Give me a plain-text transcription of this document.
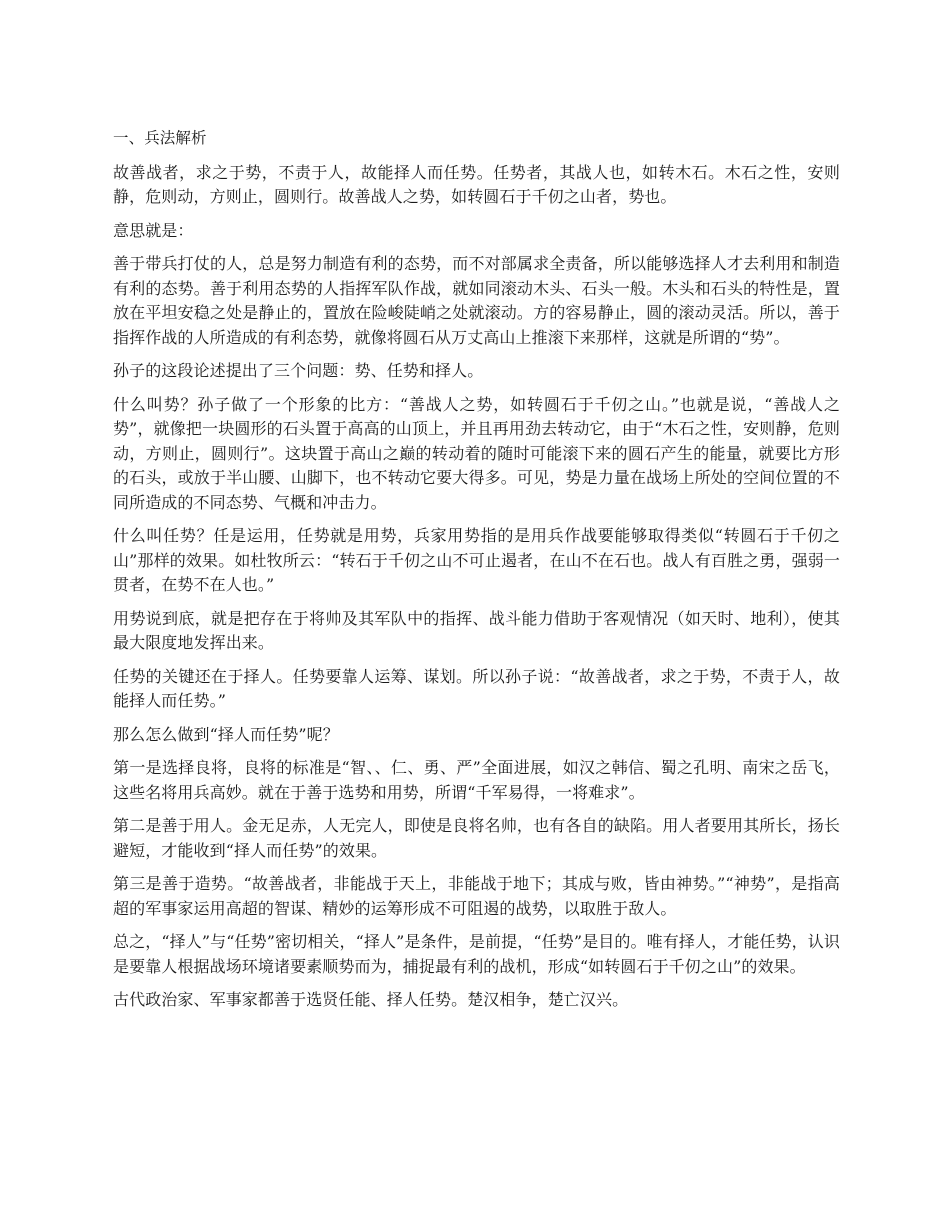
一、兵法解析

故善战者，求之于势，不责于人，故能择人而任势。任势者，其战人也，如转木石。木石之性，安则静，危则动，方则止，圆则行。故善战人之势，如转圆石于千仞之山者，势也。

意思就是：

善于带兵打仗的人，总是努力制造有利的态势，而不对部属求全责备，所以能够选择人才去利用和制造有利的态势。善于利用态势的人指挥军队作战，就如同滚动木头、石头一般。木头和石头的特性是，置放在平坦安稳之处是静止的，置放在险峻陡峭之处就滚动。方的容易静止，圆的滚动灵活。所以，善于指挥作战的人所造成的有利态势，就像将圆石从万丈高山上推滚下来那样，这就是所谓的“势”。

孙子的这段论述提出了三个问题：势、任势和择人。

什么叫势？孙子做了一个形象的比方：“善战人之势，如转圆石于千仞之山。”也就是说，“善战人之势”，就像把一块圆形的石头置于高高的山顶上，并且再用劲去转动它，由于“木石之性，安则静，危则动，方则止，圆则行”。这块置于高山之巅的转动着的随时可能滚下来的圆石产生的能量，就要比方形的石头，或放于半山腰、山脚下，也不转动它要大得多。可见，势是力量在战场上所处的空间位置的不同所造成的不同态势、气概和冲击力。

什么叫任势？任是运用，任势就是用势，兵家用势指的是用兵作战要能够取得类似“转圆石于千仞之山”那样的效果。如杜牧所云：“转石于千仞之山不可止遏者，在山不在石也。战人有百胜之勇，强弱一贯者，在势不在人也。”

用势说到底，就是把存在于将帅及其军队中的指挥、战斗能力借助于客观情况（如天时、地利），使其最大限度地发挥出来。

任势的关键还在于择人。任势要靠人运筹、谋划。所以孙子说：“故善战者，求之于势，不责于人，故能择人而任势。”

那么怎么做到“择人而任势”呢？

第一是选择良将，良将的标准是“智、、仁、勇、严”全面进展，如汉之韩信、蜀之孔明、南宋之岳飞，这些名将用兵高妙。就在于善于选势和用势，所谓“千军易得，一将难求”。

第二是善于用人。金无足赤，人无完人，即使是良将名帅，也有各自的缺陷。用人者要用其所长，扬长避短，才能收到“择人而任势”的效果。

第三是善于造势。“故善战者，非能战于天上，非能战于地下；其成与败，皆由神势。”“神势”，是指高超的军事家运用高超的智谋、精妙的运筹形成不可阻遏的战势，以取胜于敌人。

总之，“择人”与“任势”密切相关，“择人”是条件，是前提，“任势”是目的。唯有择人，才能任势，认识是要靠人根据战场环境诸要素顺势而为，捕捉最有利的战机，形成“如转圆石于千仞之山”的效果。

古代政治家、军事家都善于选贤任能、择人任势。楚汉相争，楚亡汉兴。
